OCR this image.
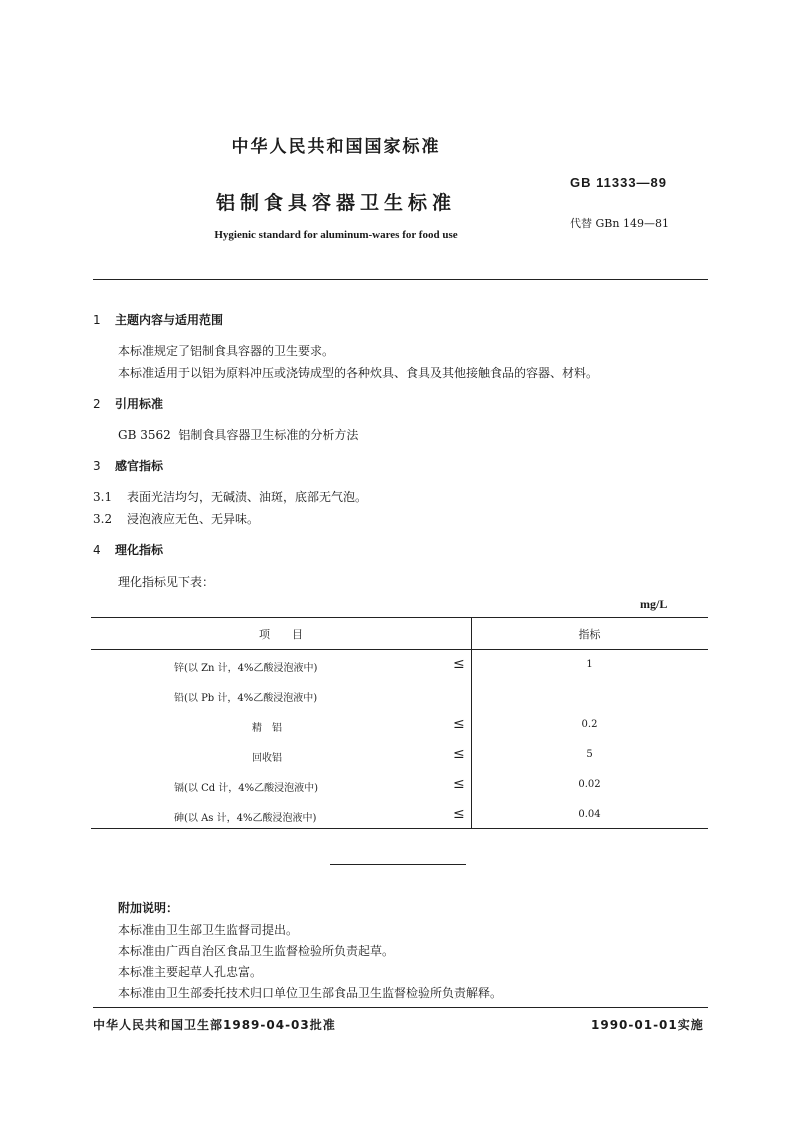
中华人民共和国国家标准
GB 11333—89
铝制食具容器卫生标准
代替 GBn 149—81
Hygienic standard for aluminum-wares for food use
1 主题内容与适用范围
本标准规定了铝制食具容器的卫生要求。
本标准适用于以铝为原料冲压或浇铸成型的各种炊具、食具及其他接触食品的容器、材料。
2 引用标准
GB 3562  铝制食具容器卫生标准的分析方法
3 感官指标
3.1 表面光洁均匀，无碱渍、油斑，底部无气泡。
3.2 浸泡液应无色、无异味。
4 理化指标
理化指标见下表：
mg/L
项　　目	指标
锌(以 Zn 计，4%乙酸浸泡液中)	≤	1
铅(以 Pb 计，4%乙酸浸泡液中)
精　铝	≤	0.2
回收铝	≤	5
镉(以 Cd 计，4%乙酸浸泡液中)	≤	0.02
砷(以 As 计，4%乙酸浸泡液中)	≤	0.04
附加说明：
本标准由卫生部卫生监督司提出。
本标准由广西自治区食品卫生监督检验所负责起草。
本标准主要起草人孔忠富。
本标准由卫生部委托技术归口单位卫生部食品卫生监督检验所负责解释。
中华人民共和国卫生部1989-04-03批准	1990-01-01实施
